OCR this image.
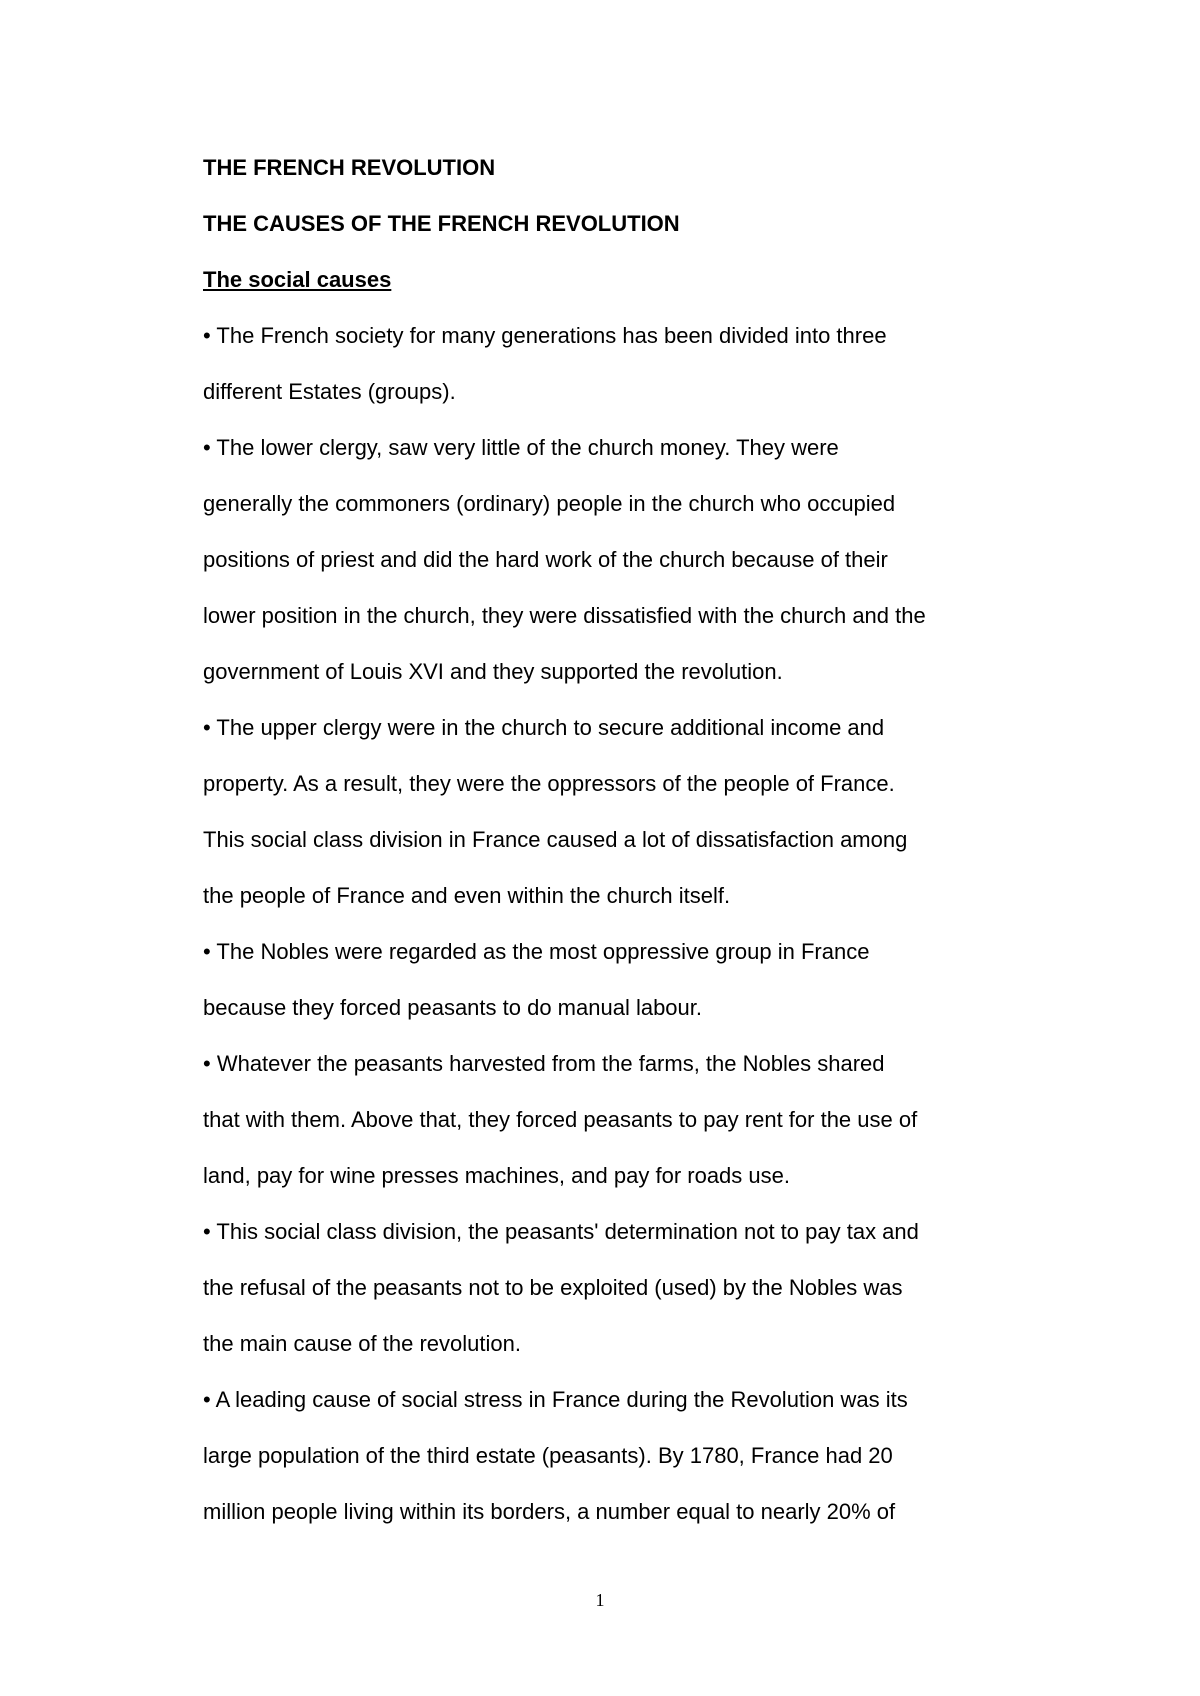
THE FRENCH REVOLUTION
THE CAUSES OF THE FRENCH REVOLUTION
The social causes
• The French society for many generations has been divided into three
different Estates (groups).
• The lower clergy, saw very little of the church money. They were
generally the commoners (ordinary) people in the church who occupied
positions of priest and did the hard work of the church because of their
lower position in the church, they were dissatisfied with the church and the
government of Louis XVI and they supported the revolution.
• The upper clergy were in the church to secure additional income and
property. As a result, they were the oppressors of the people of France.
This social class division in France caused a lot of dissatisfaction among
the people of France and even within the church itself.
• The Nobles were regarded as the most oppressive group in France
because they forced peasants to do manual labour.
• Whatever the peasants harvested from the farms, the Nobles shared
that with them. Above that, they forced peasants to pay rent for the use of
land, pay for wine presses machines, and pay for roads use.
• This social class division, the peasants' determination not to pay tax and
the refusal of the peasants not to be exploited (used) by the Nobles was
the main cause of the revolution.
• A leading cause of social stress in France during the Revolution was its
large population of the third estate (peasants). By 1780, France had 20
million people living within its borders, a number equal to nearly 20% of
1
